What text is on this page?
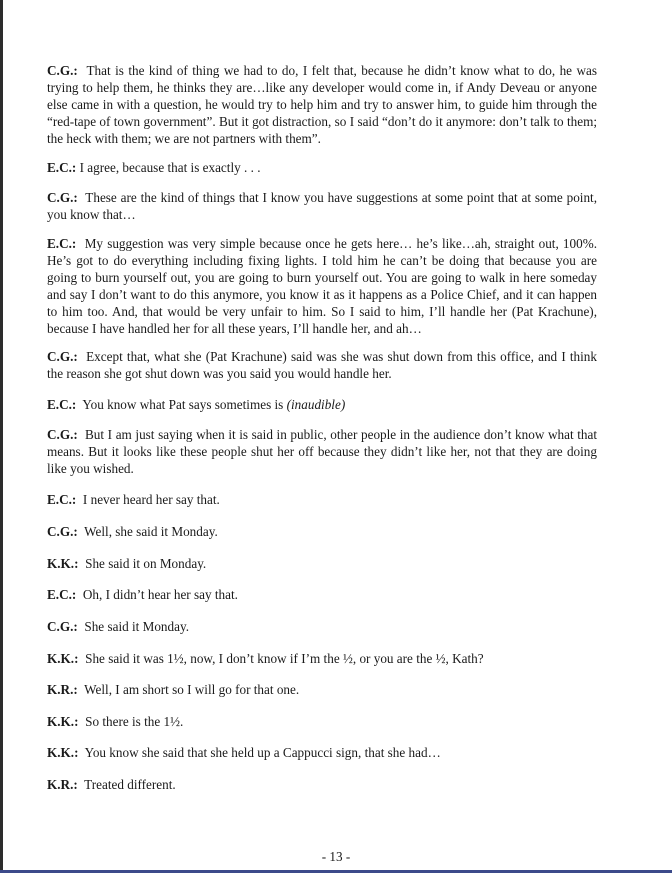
C.G.: That is the kind of thing we had to do, I felt that, because he didn’t know what to do, he was trying to help them, he thinks they are…like any developer would come in, if Andy Deveau or anyone else came in with a question, he would try to help him and try to answer him, to guide him through the “red-tape of town government”. But it got distraction, so I said “don’t do it anymore: don’t talk to them; the heck with them; we are not partners with them”.

E.C.: I agree, because that is exactly . . .

C.G.: These are the kind of things that I know you have suggestions at some point that at some point, you know that…

E.C.: My suggestion was very simple because once he gets here… he’s like…ah, straight out, 100%. He’s got to do everything including fixing lights. I told him he can’t be doing that because you are going to burn yourself out, you are going to burn yourself out. You are going to walk in here someday and say I don’t want to do this anymore, you know it as it happens as a Police Chief, and it can happen to him too. And, that would be very unfair to him. So I said to him, I’ll handle her (Pat Krachune), because I have handled her for all these years, I’ll handle her, and ah…

C.G.: Except that, what she (Pat Krachune) said was she was shut down from this office, and I think the reason she got shut down was you said you would handle her.

E.C.: You know what Pat says sometimes is (inaudible)

C.G.: But I am just saying when it is said in public, other people in the audience don’t know what that means. But it looks like these people shut her off because they didn’t like her, not that they are doing like you wished.

E.C.: I never heard her say that.

C.G.: Well, she said it Monday.

K.K.: She said it on Monday.

E.C.: Oh, I didn’t hear her say that.

C.G.: She said it Monday.

K.K.: She said it was 1½, now, I don’t know if I’m the ½, or you are the ½, Kath?

K.R.: Well, I am short so I will go for that one.

K.K.: So there is the 1½.

K.K.: You know she said that she held up a Cappucci sign, that she had…

K.R.: Treated different.

- 13 -
